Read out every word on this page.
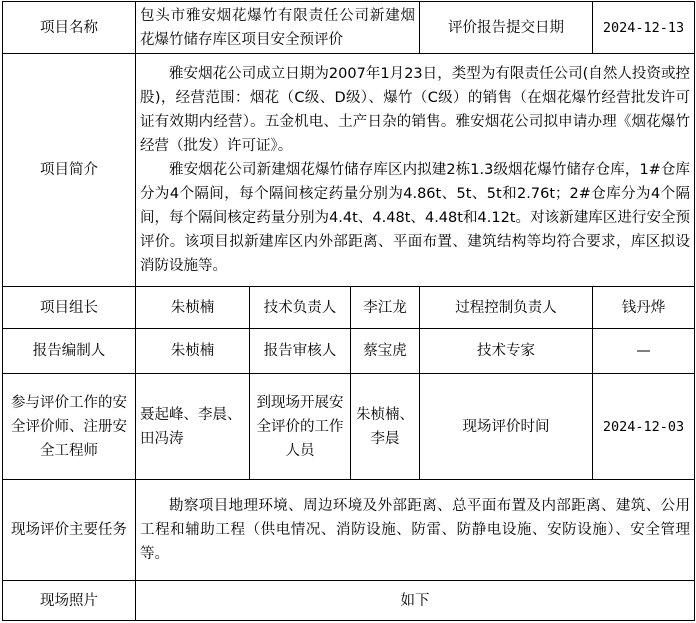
项目名称	包头市雅安烟花爆竹有限责任公司新建烟花爆竹储存库区项目安全预评价			评价报告提交日期	2024-12-13
项目简介	雅安烟花公司成立日期为2007年1月23日，类型为有限责任公司(自然人投资或控股)，经营范围：烟花（C级、D级）、爆竹（C级）的销售（在烟花爆竹经营批发许可证有效期内经营）。五金机电、土产日杂的销售。雅安烟花公司拟申请办理《烟花爆竹经营（批发）许可证》。

雅安烟花公司新建烟花爆竹储存库区内拟建2栋1.3级烟花爆竹储存仓库，1#仓库分为4个隔间，每个隔间核定药量分别为4.86t、5t、5t和2.76t；2#仓库分为4个隔间，每个隔间核定药量分别为4.4t、4.48t、4.48t和4.12t。对该新建库区进行安全预评价。该项目拟新建库区内外部距离、平面布置、建筑结构等均符合要求，库区拟设消防设施等。				

项目组长	朱桢楠	技术负责人	李江龙	过程控制负责人	钱丹烨
报告编制人	朱桢楠	报告审核人	蔡宝虎	技术专家	—
参与评价工作的安全评价师、注册安全工程师	聂起峰、李晨、田冯涛	到现场开展安全评价的工作人员	朱桢楠、李晨	现场评价时间	2024-12-03
现场评价主要任务	勘察项目地理环境、周边环境及外部距离、总平面布置及内部距离、建筑、公用工程和辅助工程（供电情况、消防设施、防雷、防静电设施、安防设施）、安全管理等。				

现场照片	如下				
